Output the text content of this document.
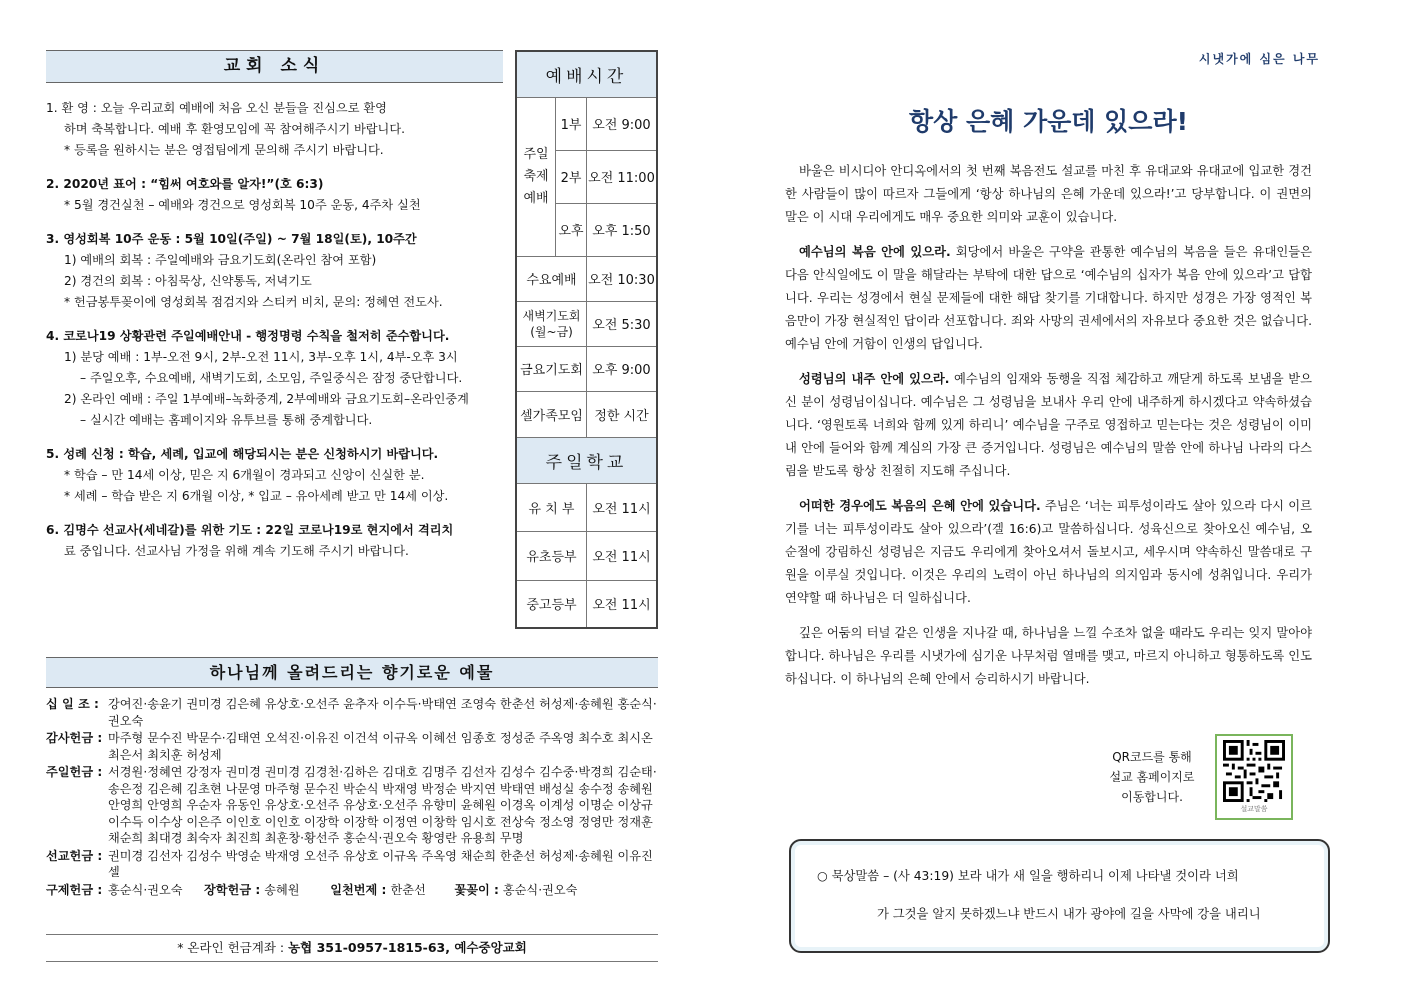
교회 소식
1. 환 영 : 오늘 우리교회 예배에 처음 오신 분들을 진심으로 환영
하며 축복합니다. 예배 후 환영모임에 꼭 참여해주시기 바랍니다.
* 등록을 원하시는 분은 영접팀에게 문의해 주시기 바랍니다.
2. 2020년 표어 : “힘써 여호와를 알자!”(호 6:3)
* 5월 경건실천 – 예배와 경건으로 영성회복 10주 운동, 4주차 실천
3. 영성회복 10주 운동 : 5월 10일(주일) ~ 7월 18일(토), 10주간
1) 예배의 회복 : 주일예배와 금요기도회(온라인 참여 포함)
2) 경건의 회복 : 아침묵상, 신약통독, 저녁기도
* 헌금봉투꽂이에 영성회복 점검지와 스티커 비치, 문의: 정혜연 전도사.
4. 코로나19 상황관련 주일예배안내 - 행정명령 수칙을 철저히 준수합니다.
1) 분당 예배 : 1부-오전 9시, 2부-오전 11시, 3부-오후 1시, 4부-오후 3시
– 주일오후, 수요예배, 새벽기도회, 소모임, 주일중식은 잠정 중단합니다.
2) 온라인 예배 : 주일 1부예배–녹화중계, 2부예배와 금요기도회–온라인중계
– 실시간 예배는 홈페이지와 유투브를 통해 중계합니다.
5. 성례 신청 : 학습, 세례, 입교에 해당되시는 분은 신청하시기 바랍니다.
* 학습 – 만 14세 이상, 믿은 지 6개월이 경과되고 신앙이 신실한 분.
* 세례 – 학습 받은 지 6개월 이상, * 입교 – 유아세례 받고 만 14세 이상.
6. 김명수 선교사(세네갈)를 위한 기도 : 22일 코로나19로 현지에서 격리치
료 중입니다. 선교사님 가정을 위해 계속 기도해 주시기 바랍니다.
예배시간		
주일 축제 예배	1부	오전 9:00
	2부	오전 11:00
	오후	오후 1:50
수요예배		오전 10:30
새벽기도회 (월~금)		오전 5:30
금요기도회		오후 9:00
셀가족모임		정한 시간
주일학교		
유 치 부		오전 11시
유초등부		오전 11시
중고등부		오전 11시
하나님께 올려드리는 향기로운 예물
십 일 조 : 강여진·송윤기 권미경 김은혜 유상호·오선주 윤추자 이수득·박태연 조영숙 한춘선 허성제·송혜원 홍순식·권오숙
감사헌금 : 마주형 문수진 박문수·김태연 오석진·이유진 이건석 이규옥 이혜선 임종호 정성준 주옥영 최수호 최시온 최은서 최치훈 허성제
주일헌금 : 서경원·정혜연 강정자 권미경 권미경 김경천·김하은 김대호 김명주 김선자 김성수 김수중·박경희 김순태·송은정 김은혜 김초현 나문영 마주형 문수진 박순식 박재영 박정순 박지연 박태연 배성실 송수정 송혜원 안영희 안영희 우순자 유동인 유상호·오선주 유상호·오선주 유향미 윤혜원 이경옥 이계성 이명순 이상규 이수득 이수상 이은주 이인호 이인호 이장학 이장학 이정연 이창학 임시호 전상숙 정소영 정영만 정재훈 채순희 최대경 최숙자 최진희 최훈창·황선주 홍순식·권오숙 황영란 유용희 무명
선교헌금 : 권미경 김선자 김성수 박영순 박재영 오선주 유상호 이규옥 주옥영 채순희 한춘선 허성제·송혜원 이유진셀
구제헌금 : 홍순식·권오숙	장학헌금 : 송혜원	일천번제 : 한춘선	꽃꽂이 : 홍순식·권오숙
* 온라인 헌금계좌 : 농협 351-0957-1815-63, 예수중앙교회
시냇가에 심은 나무
항상 은혜 가운데 있으라!

바울은 비시디아 안디옥에서의 첫 번째 복음전도 설교를 마친 후 유대교와 유대교에 입교한 경건한 사람들이 많이 따르자 그들에게 ‘항상 하나님의 은혜 가운데 있으라!’고 당부합니다. 이 권면의 말은 이 시대 우리에게도 매우 중요한 의미와 교훈이 있습니다.

예수님의 복음 안에 있으라. 회당에서 바울은 구약을 관통한 예수님의 복음을 들은 유대인들은 다음 안식일에도 이 말을 해달라는 부탁에 대한 답으로 ‘예수님의 십자가 복음 안에 있으라’고 답합니다. 우리는 성경에서 현실 문제들에 대한 해답 찾기를 기대합니다. 하지만 성경은 가장 영적인 복음만이 가장 현실적인 답이라 선포합니다. 죄와 사망의 권세에서의 자유보다 중요한 것은 없습니다. 예수님 안에 거함이 인생의 답입니다.

성령님의 내주 안에 있으라. 예수님의 임재와 동행을 직접 체감하고 깨닫게 하도록 보냄을 받으신 분이 성령님이십니다. 예수님은 그 성령님을 보내사 우리 안에 내주하게 하시겠다고 약속하셨습니다. ‘영원토록 너희와 함께 있게 하리니’ 예수님을 구주로 영접하고 믿는다는 것은 성령님이 이미 내 안에 들어와 함께 계심의 가장 큰 증거입니다. 성령님은 예수님의 말씀 안에 하나님 나라의 다스림을 받도록 항상 친절히 지도해 주십니다.

어떠한 경우에도 복음의 은혜 안에 있습니다. 주님은 ‘너는 피투성이라도 살아 있으라 다시 이르기를 너는 피투성이라도 살아 있으라’(겔 16:6)고 말씀하십니다. 성육신으로 찾아오신 예수님, 오순절에 강림하신 성령님은 지금도 우리에게 찾아오셔서 돌보시고, 세우시며 약속하신 말씀대로 구원을 이루실 것입니다. 이것은 우리의 노력이 아닌 하나님의 의지임과 동시에 성취입니다. 우리가 연약할 때 하나님은 더 일하십니다.

깊은 어둠의 터널 같은 인생을 지나갈 때, 하나님을 느낄 수조차 없을 때라도 우리는 잊지 말아야 합니다. 하나님은 우리를 시냇가에 심기운 나무처럼 열매를 맺고, 마르지 아니하고 형통하도록 인도하십니다. 이 하나님의 은혜 안에서 승리하시기 바랍니다.

QR코드를 통해
설교 홈페이지로
이동합니다.
설교말씀
○ 묵상말씀 – (사 43:19) 보라 내가 새 일을 행하리니 이제 나타낼 것이라 너희
가 그것을 알지 못하겠느냐 반드시 내가 광야에 길을 사막에 강을 내리니
